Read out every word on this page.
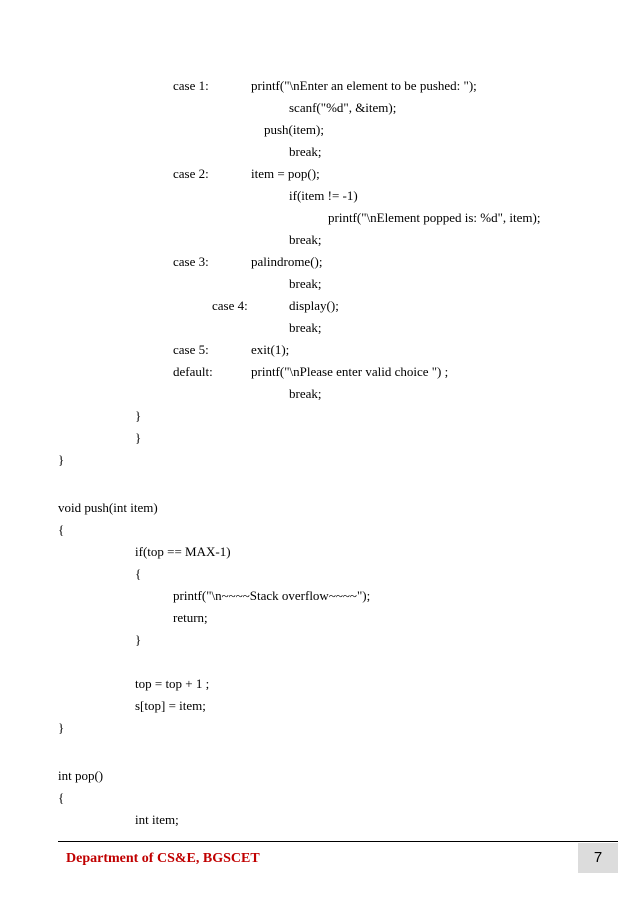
case 1:	printf("\nEnter an element to be pushed: ");
scanf("%d", &item);
push(item);
break;
case 2:	item = pop();
if(item != -1)
printf("\nElement popped is: %d", item);
break;
case 3:	palindrome();
break;
case 4:	display();
break;
case 5:	exit(1);
default:	printf("\nPlease enter valid choice ") ;
break;
}
}
}
void push(int item)
{
if(top == MAX-1)
{
printf("\n~~~~Stack overflow~~~~");
return;
}
top = top + 1 ;
s[top] = item;
}
int pop()
{
int item;
Department of CS&E, BGSCET	7
